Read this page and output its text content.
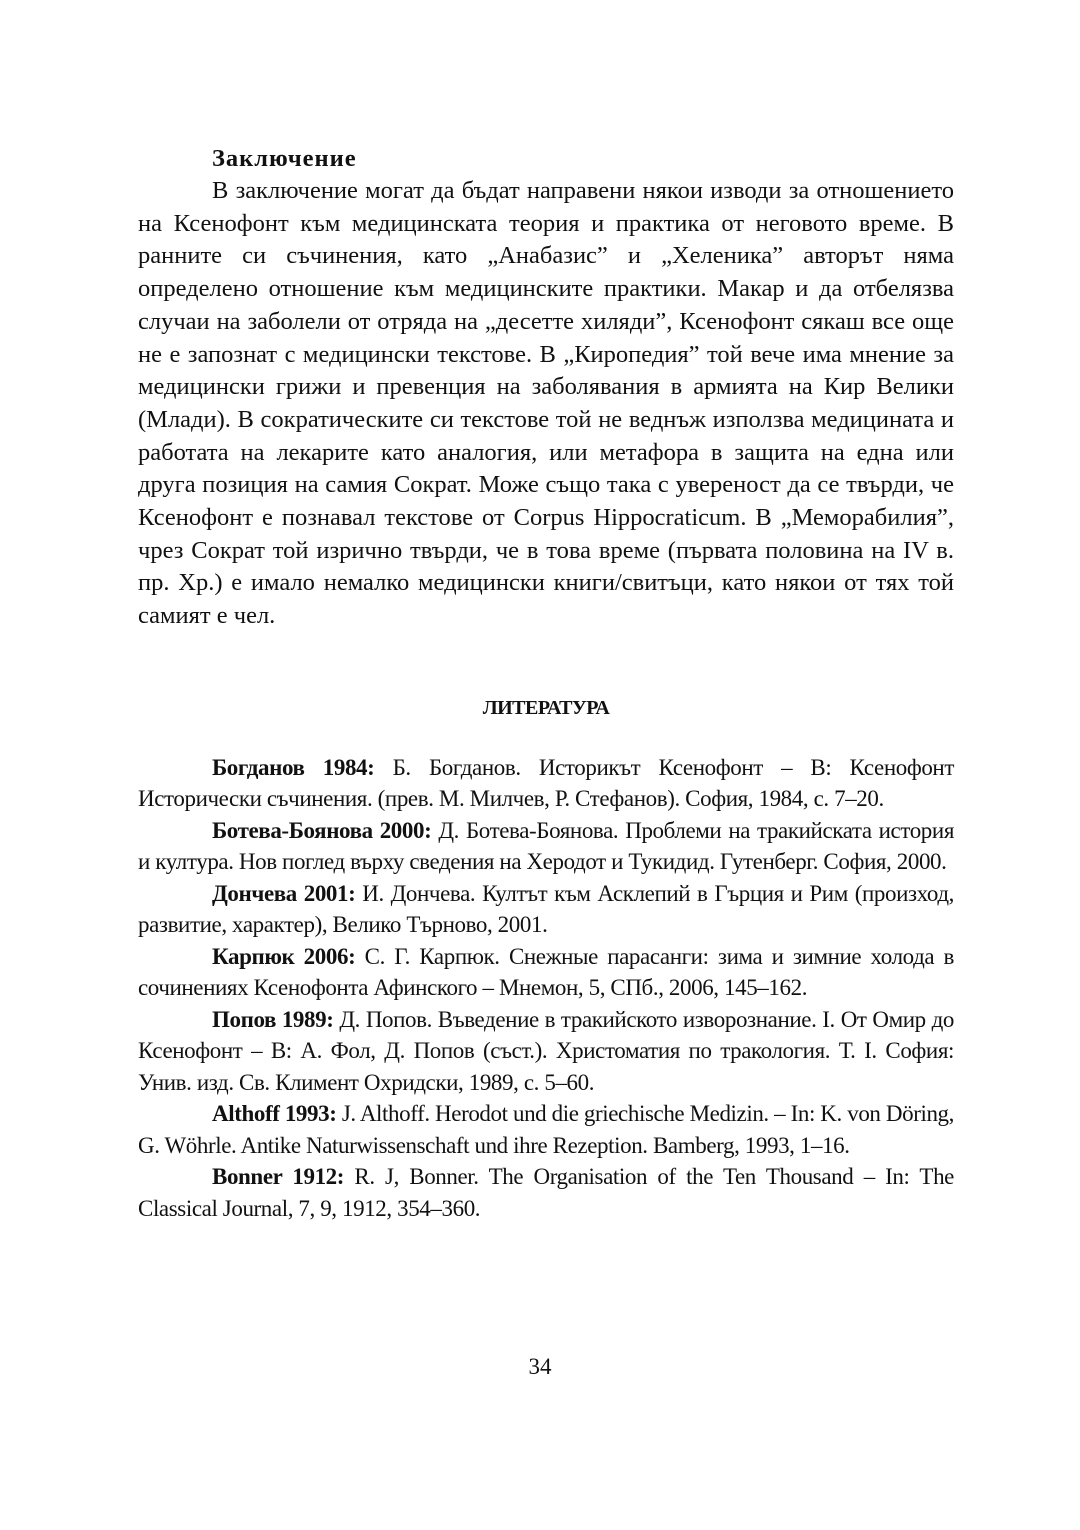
Заключение

В заключение могат да бъдат направени някои изводи за отношението на Ксенофонт към медицинската теория и практика от неговото време. В ранните си съчинения, като „Анабазис” и „Хеленика” авторът няма определено отношение към медицинските практики. Макар и да отбелязва случаи на заболели от отряда на „десетте хиляди”, Ксенофонт сякаш все още не е запознат с медицински текстове. В „Киропедия” той вече има мнение за медицински грижи и превенция на заболявания в армията на Кир Велики (Млади). В сократическите си текстове той не веднъж използва медицината и работата на лекарите като аналогия, или метафора в защита на една или друга позиция на самия Сократ. Може също така с увереност да се твърди, че Ксенофонт е познавал текстове от Corpus Hippocraticum. В „Меморабилия”, чрез Сократ той изрично твърди, че в това време (първата половина на IV в. пр. Хр.) е имало немалко медицински книги/свитъци, като някои от тях той самият е чел.

ЛИТЕРАТУРА

Богданов 1984: Б. Богданов. Историкът Ксенофонт – В: Ксенофонт Исторически съчинения. (прев. М. Милчев, Р. Стефанов). София, 1984, с. 7–20.

Ботева-Боянова 2000: Д. Ботева-Боянова. Проблеми на тракийската история и култура. Нов поглед върху сведения на Херодот и Тукидид. Гутенберг. София, 2000.

Дончева 2001: И. Дончева. Култът към Асклепий в Гърция и Рим (произход, развитие, характер), Велико Търново, 2001.

Карпюк 2006: С. Г. Карпюк. Снежные парасанги: зима и зимние холода в сочинениях Ксенофонта Афинского – Мнемон, 5, СПб., 2006, 145–162.

Попов 1989: Д. Попов. Въведение в тракийското изворознание. I. От Омир до Ксенофонт – В: А. Фол, Д. Попов (съст.). Христоматия по тракология. Т. I. София: Унив. изд. Св. Климент Охридски, 1989, с. 5–60.

Althoff 1993: J. Althoff. Herodot und die griechische Medizin. – In: K. von Döring, G. Wöhrle. Antike Naturwissenschaft und ihre Rezeption. Bamberg, 1993, 1–16.

Bonner 1912: R. J, Bonner. The Organisation of the Ten Thousand – In: The Classical Journal, 7, 9, 1912, 354–360.

34
